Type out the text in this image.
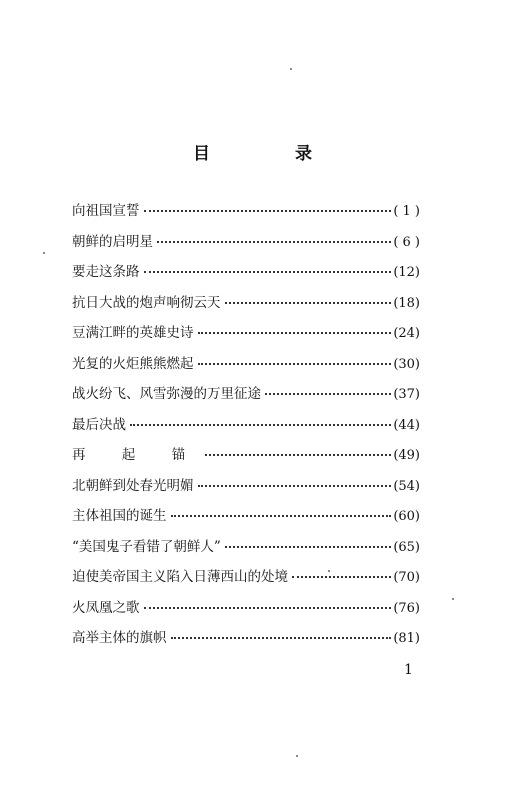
目　录
向祖国宣誓	( 1 )
朝鲜的启明星	( 6 )
要走这条路	(12)
抗日大战的炮声响彻云天	(18)
豆满江畔的英雄史诗	(24)
光复的火炬熊熊燃起	(30)
战火纷飞、风雪弥漫的万里征途	(37)
最后决战	(44)
再 起 锚	(49)
北朝鲜到处春光明媚	(54)
主体祖国的诞生	(60)
“美国鬼子看错了朝鲜人”	(65)
迫使美帝国主义陷入日薄西山的处境	(70)
火凤凰之歌	(76)
高举主体的旗帜	(81)
1
